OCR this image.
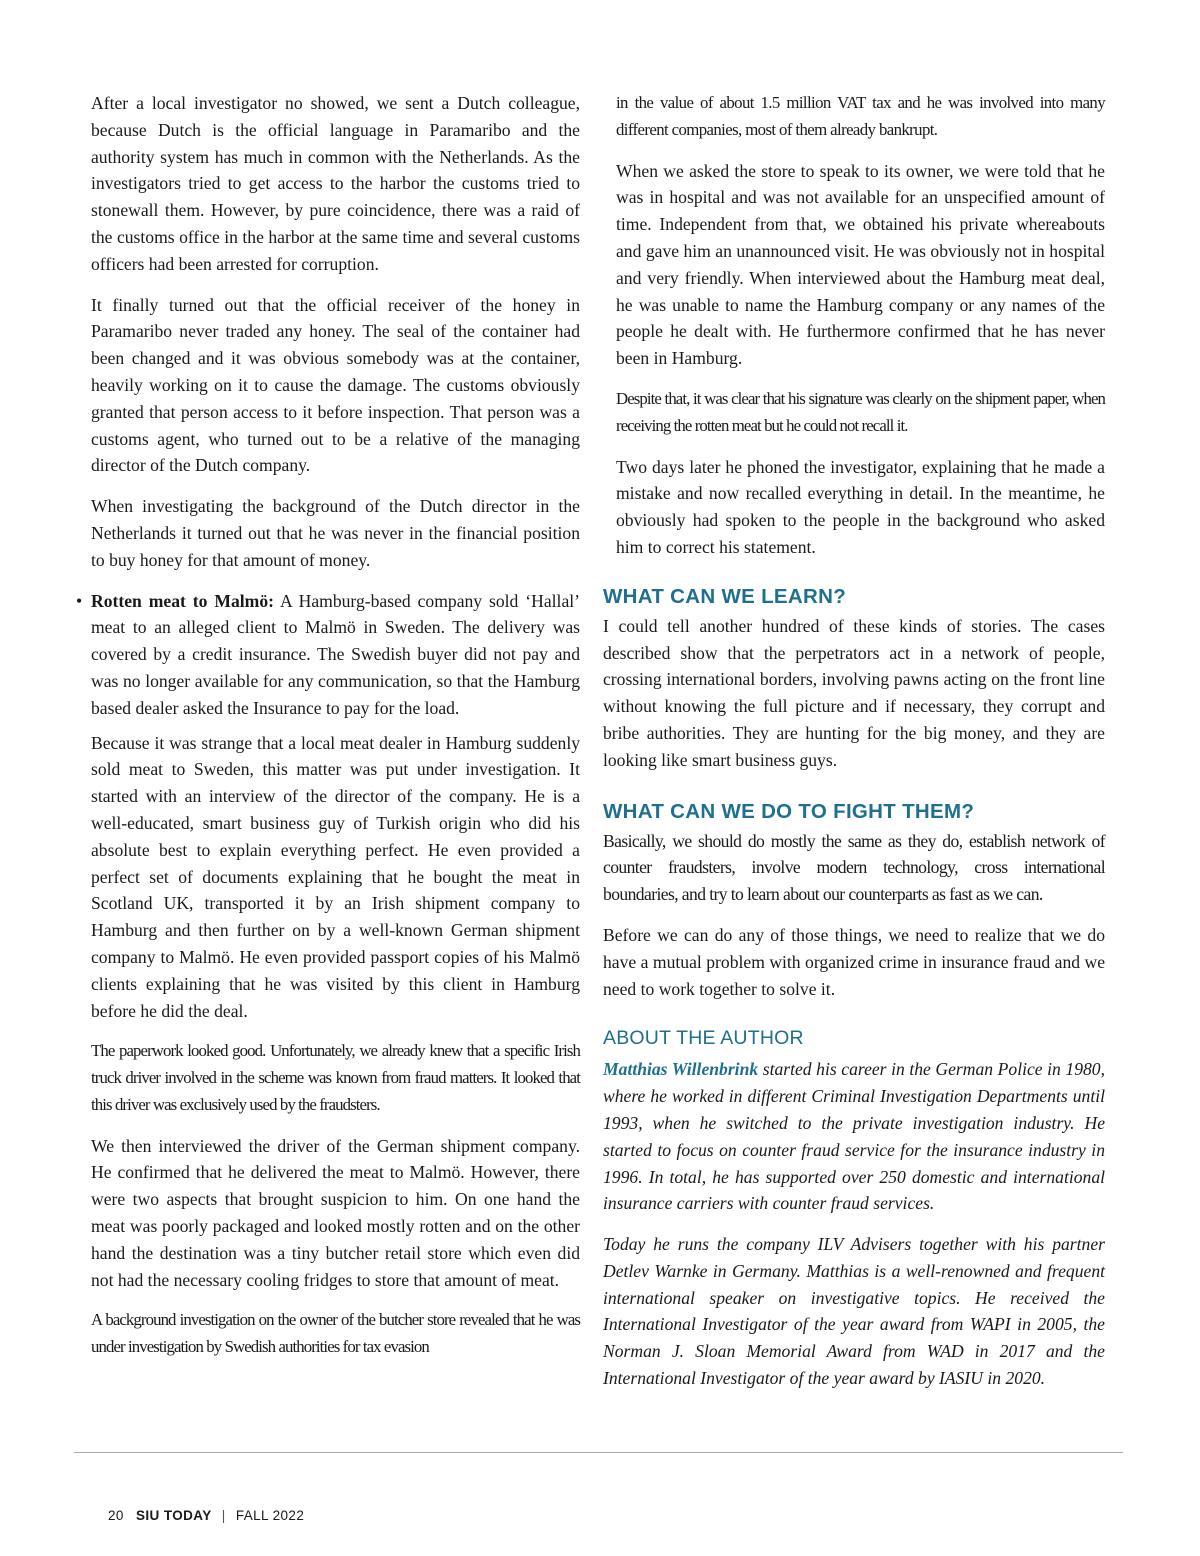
After a local investigator no showed, we sent a Dutch colleague, because Dutch is the official language in Paramaribo and the authority system has much in common with the Netherlands. As the investigators tried to get access to the harbor the customs tried to stonewall them. However, by pure coincidence, there was a raid of the customs office in the harbor at the same time and several customs officers had been arrested for corruption.

It finally turned out that the official receiver of the honey in Paramaribo never traded any honey. The seal of the container had been changed and it was obvious somebody was at the container, heavily working on it to cause the damage. The customs obviously granted that person access to it before inspection. That person was a customs agent, who turned out to be a relative of the managing director of the Dutch company.

When investigating the background of the Dutch director in the Netherlands it turned out that he was never in the financial position to buy honey for that amount of money.

• Rotten meat to Malmö: A Hamburg-based company sold ‘Hallal’ meat to an alleged client to Malmö in Sweden. The delivery was covered by a credit insurance. The Swedish buyer did not pay and was no longer available for any communication, so that the Hamburg based dealer asked the Insurance to pay for the load.

Because it was strange that a local meat dealer in Hamburg suddenly sold meat to Sweden, this matter was put under investigation. It started with an interview of the director of the company. He is a well-educated, smart business guy of Turkish origin who did his absolute best to explain everything perfect. He even provided a perfect set of documents explaining that he bought the meat in Scotland UK, transported it by an Irish shipment company to Hamburg and then further on by a well-known German shipment company to Malmö. He even provided passport copies of his Malmö clients explaining that he was visited by this client in Hamburg before he did the deal.

The paperwork looked good. Unfortunately, we already knew that a specific Irish truck driver involved in the scheme was known from fraud matters. It looked that this driver was exclusively used by the fraudsters.

We then interviewed the driver of the German shipment company. He confirmed that he delivered the meat to Malmö. However, there were two aspects that brought suspicion to him. On one hand the meat was poorly packaged and looked mostly rotten and on the other hand the destination was a tiny butcher retail store which even did not had the necessary cooling fridges to store that amount of meat.

A background investigation on the owner of the butcher store revealed that he was under investigation by Swedish authorities for tax evasion

in the value of about 1.5 million VAT tax and he was involved into many different companies, most of them already bankrupt.

When we asked the store to speak to its owner, we were told that he was in hospital and was not available for an unspecified amount of time. Independent from that, we obtained his private whereabouts and gave him an unannounced visit. He was obviously not in hospital and very friendly. When interviewed about the Hamburg meat deal, he was unable to name the Hamburg company or any names of the people he dealt with. He furthermore confirmed that he has never been in Hamburg.

Despite that, it was clear that his signature was clearly on the shipment paper, when receiving the rotten meat but he could not recall it.

Two days later he phoned the investigator, explaining that he made a mistake and now recalled everything in detail. In the meantime, he obviously had spoken to the people in the background who asked him to correct his statement.

WHAT CAN WE LEARN?

I could tell another hundred of these kinds of stories. The cases described show that the perpetrators act in a network of people, crossing international borders, involving pawns acting on the front line without knowing the full picture and if necessary, they corrupt and bribe authorities. They are hunting for the big money, and they are looking like smart business guys.

WHAT CAN WE DO TO FIGHT THEM?

Basically, we should do mostly the same as they do, establish network of counter fraudsters, involve modern technology, cross international boundaries, and try to learn about our counterparts as fast as we can.

Before we can do any of those things, we need to realize that we do have a mutual problem with organized crime in insurance fraud and we need to work together to solve it.

ABOUT THE AUTHOR

Matthias Willenbrink started his career in the German Police in 1980, where he worked in different Criminal Investigation Departments until 1993, when he switched to the private investigation industry. He started to focus on counter fraud service for the insurance industry in 1996. In total, he has supported over 250 domestic and international insurance carriers with counter fraud services.

Today he runs the company ILV Advisers together with his partner Detlev Warnke in Germany. Matthias is a well-renowned and frequent international speaker on investigative topics. He received the International Investigator of the year award from WAPI in 2005, the Norman J. Sloan Memorial Award from WAD in 2017 and the International Investigator of the year award by IASIU in 2020.

20 SIU TODAY | FALL 2022
